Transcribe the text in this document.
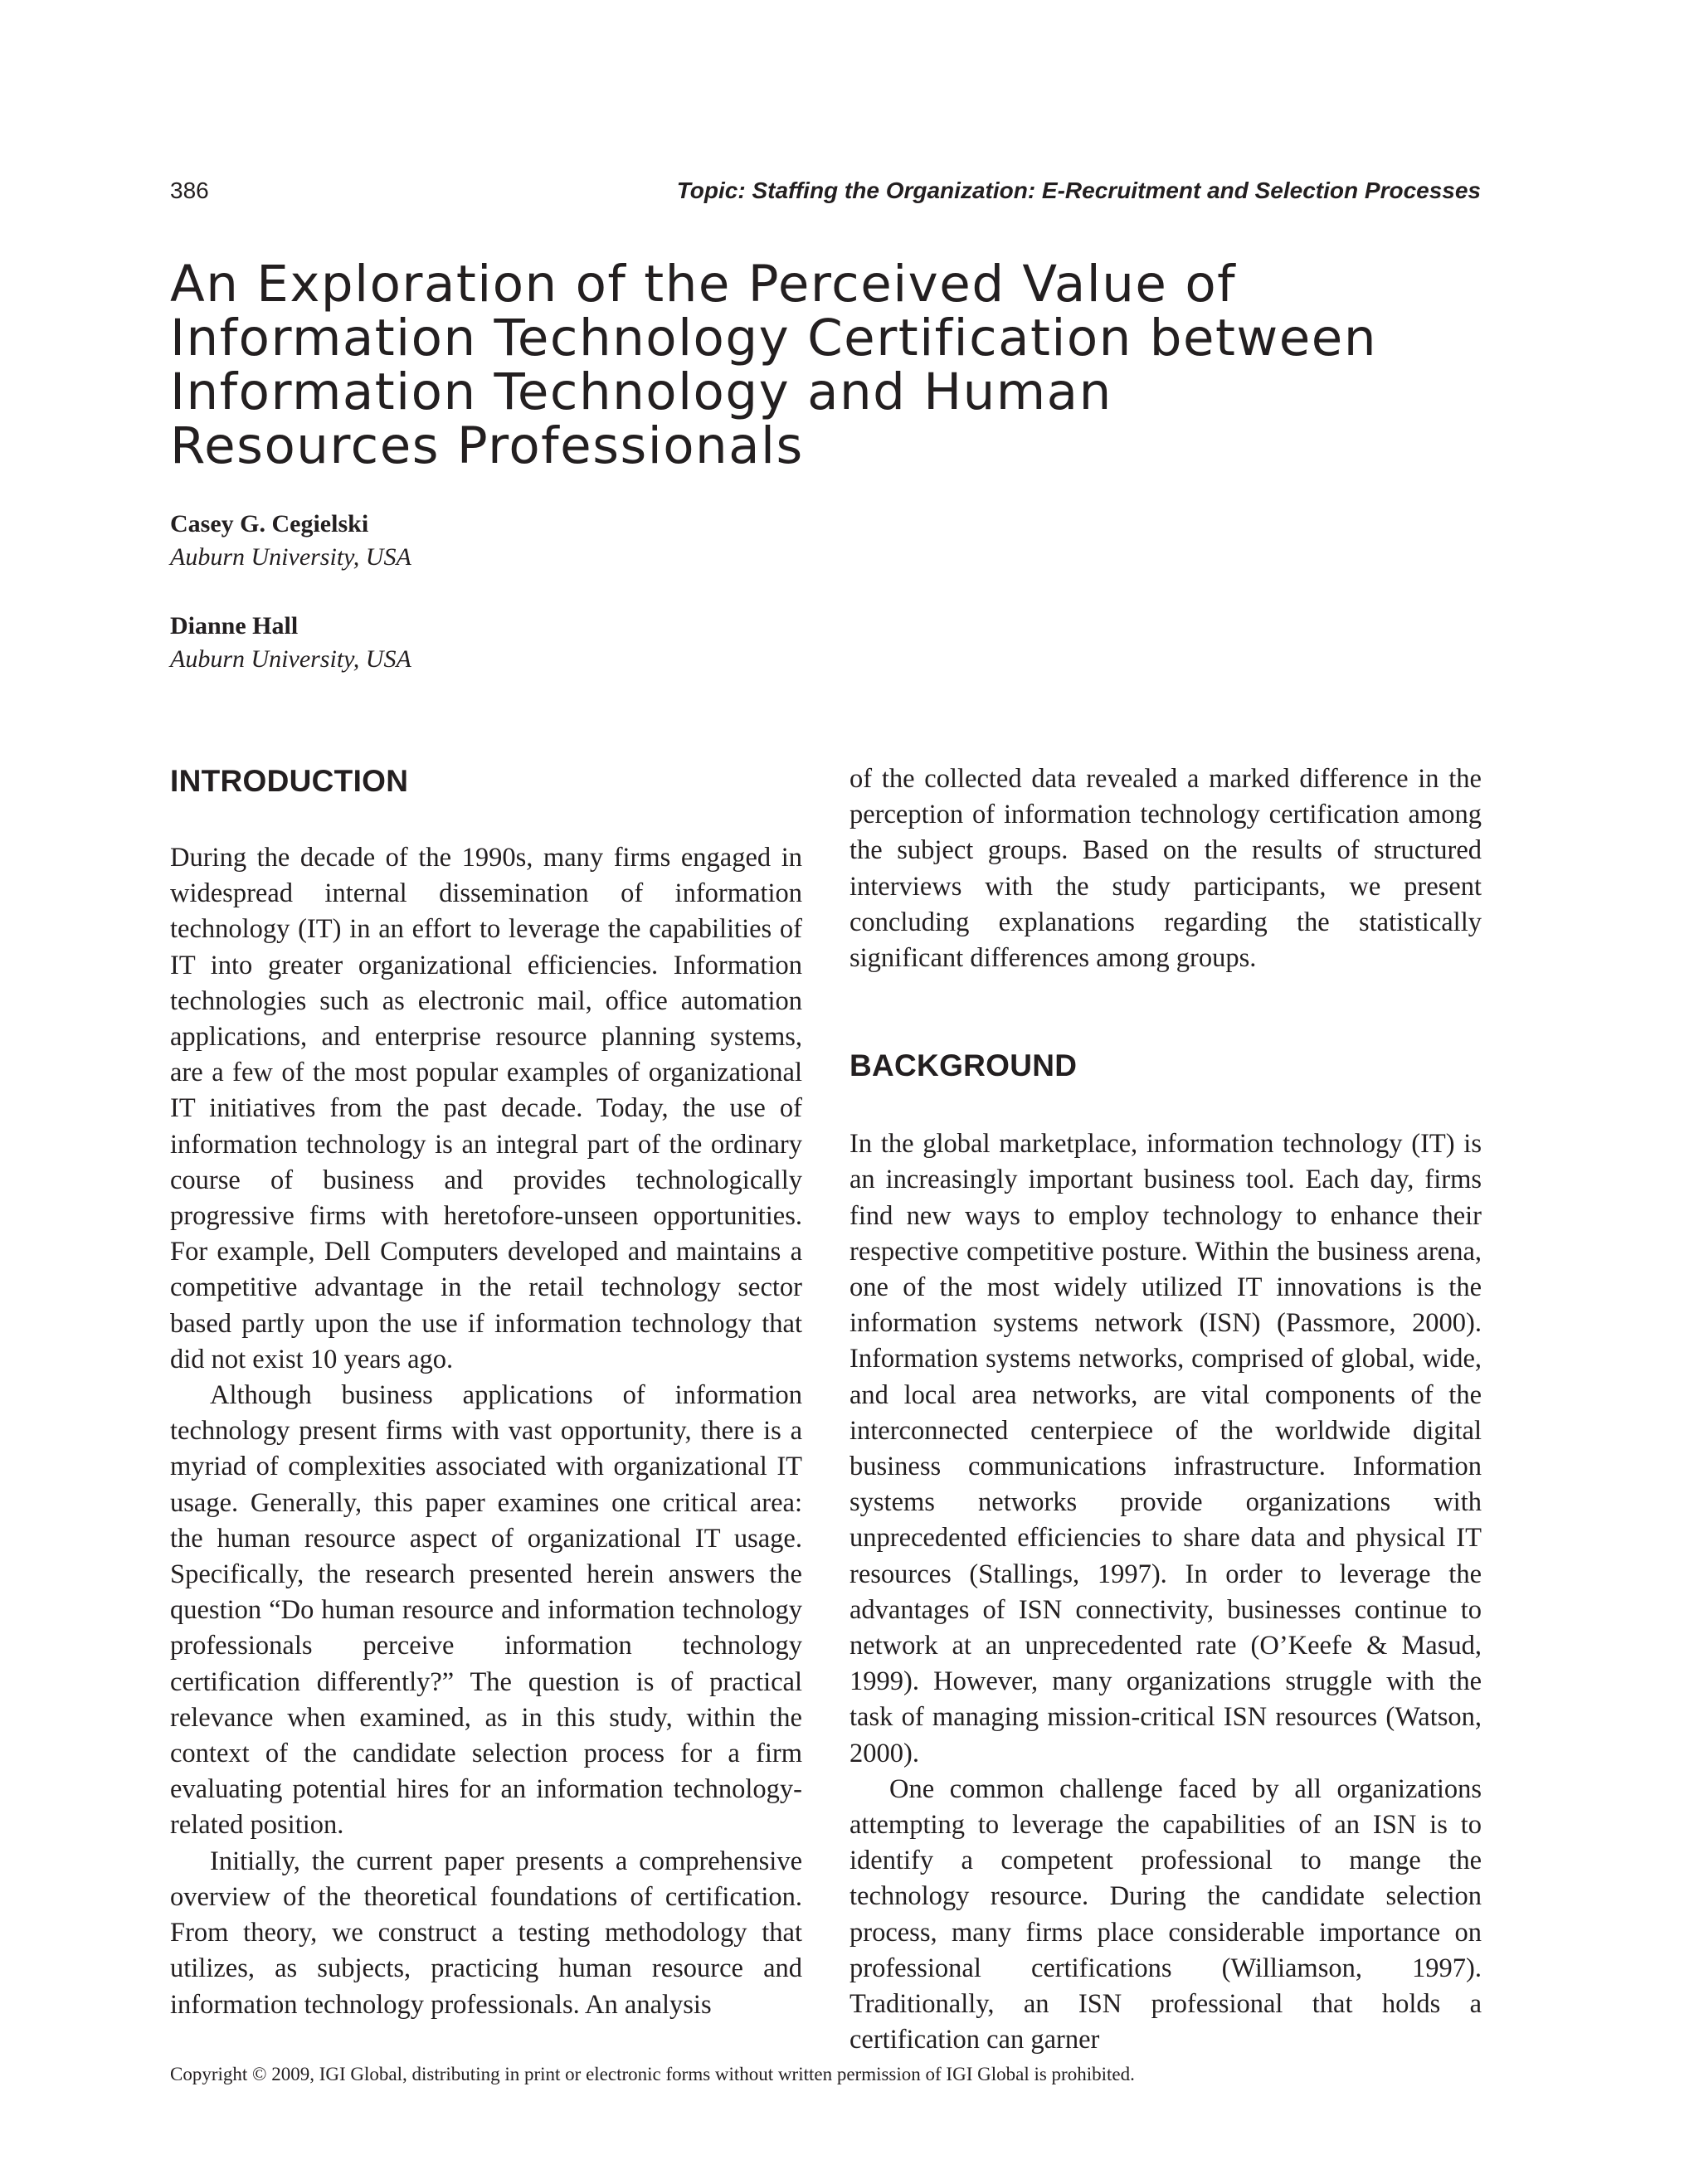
386	Topic: Staffing the Organization: E-Recruitment and Selection Processes
An Exploration of the Perceived Value of
Information Technology Certification between
Information Technology and Human
Resources Professionals
Casey G. Cegielski
Auburn University, USA
Dianne Hall
Auburn University, USA
INTRODUCTION

During the decade of the 1990s, many firms engaged in widespread internal dissemination of information technology (IT) in an effort to leverage the capabilities of IT into greater organizational efficiencies. Information technologies such as electronic mail, office automation applications, and enterprise resource planning systems, are a few of the most popular examples of organizational IT initiatives from the past decade. Today, the use of information technology is an integral part of the ordinary course of business and provides technologically progressive firms with heretofore-unseen opportunities. For example, Dell Computers developed and maintains a competitive advantage in the retail technology sector based partly upon the use if information technology that did not exist 10 years ago.

Although business applications of information technology present firms with vast opportunity, there is a myriad of complexities associated with organizational IT usage. Generally, this paper examines one critical area: the human resource aspect of organizational IT usage. Specifically, the research presented herein answers the question “Do human resource and information technology professionals perceive information technology certification differently?” The question is of practical relevance when examined, as in this study, within the context of the candidate selection process for a firm evaluating potential hires for an information technology-related position.

Initially, the current paper presents a comprehensive overview of the theoretical foundations of certification. From theory, we construct a testing methodology that utilizes, as subjects, practicing human resource and information technology professionals. An analysis

of the collected data revealed a marked difference in the perception of information technology certification among the subject groups. Based on the results of structured interviews with the study participants, we present concluding explanations regarding the statistically significant differences among groups.

BACKGROUND

In the global marketplace, information technology (IT) is an increasingly important business tool. Each day, firms find new ways to employ technology to enhance their respective competitive posture. Within the business arena, one of the most widely utilized IT innovations is the information systems network (ISN) (Passmore, 2000). Information systems networks, comprised of global, wide, and local area networks, are vital components of the interconnected centerpiece of the worldwide digital business communications infrastructure. Information systems networks provide organizations with unprecedented efficiencies to share data and physical IT resources (Stallings, 1997). In order to leverage the advantages of ISN connectivity, businesses continue to network at an unprecedented rate (O’Keefe & Masud, 1999). However, many organizations struggle with the task of managing mission-critical ISN resources (Watson, 2000).

One common challenge faced by all organizations attempting to leverage the capabilities of an ISN is to identify a competent professional to mange the technology resource. During the candidate selection process, many firms place considerable importance on professional certifications (Williamson, 1997). Traditionally, an ISN professional that holds a certification can garner

Copyright © 2009, IGI Global, distributing in print or electronic forms without written permission of IGI Global is prohibited.
